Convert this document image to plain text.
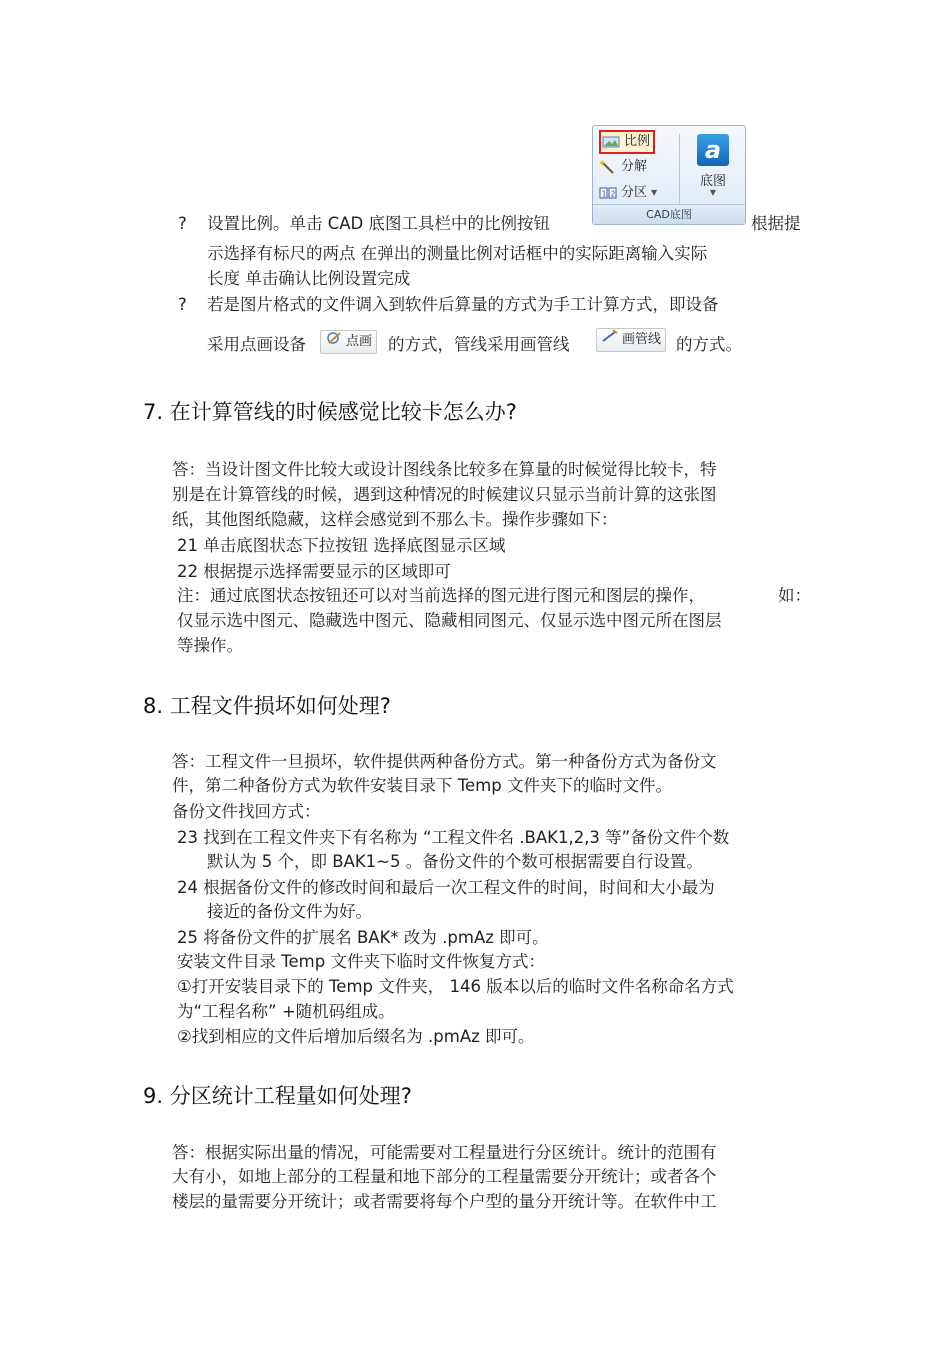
比例
分解
1 2 分区 ▼
a
底图
▼
CAD底图
? 设置比例。单击 CAD 底图工具栏中的比例按钮	根据提
示选择有标尺的两点 在弹出的测量比例对话框中的实际距离输入实际
长度 单击确认比例设置完成
? 若是图片格式的文件调入到软件后算量的方式为手工计算方式，即设备
采用点画设备	点画 的方式，管线采用画管线	画管线 的方式。
7. 在计算管线的时候感觉比较卡怎么办?
答：当设计图文件比较大或设计图线条比较多在算量的时候觉得比较卡，特
别是在计算管线的时候，遇到这种情况的时候建议只显示当前计算的这张图
纸，其他图纸隐藏，这样会感觉到不那么卡。操作步骤如下：
21 单击底图状态下拉按钮 选择底图显示区域
22 根据提示选择需要显示的区域即可
注：通过底图状态按钮还可以对当前选择的图元进行图元和图层的操作，	如：
仅显示选中图元、隐藏选中图元、隐藏相同图元、仅显示选中图元所在图层
等操作。
8. 工程文件损坏如何处理?
答：工程文件一旦损坏，软件提供两种备份方式。第一种备份方式为备份文
件，第二种备份方式为软件安装目录下 Temp 文件夹下的临时文件。
备份文件找回方式：
23 找到在工程文件夹下有名称为 “工程文件名 .BAK1,2,3 等”备份文件个数
默认为 5 个，即 BAK1~5 。备份文件的个数可根据需要自行设置。
24 根据备份文件的修改时间和最后一次工程文件的时间，时间和大小最为
接近的备份文件为好。
25 将备份文件的扩展名 BAK* 改为 .pmAz 即可。
安装文件目录 Temp 文件夹下临时文件恢复方式：
①打开安装目录下的 Temp 文件夹， 146 版本以后的临时文件名称命名方式
为“工程名称” +随机码组成。
②找到相应的文件后增加后缀名为 .pmAz 即可。
9. 分区统计工程量如何处理?
答：根据实际出量的情况，可能需要对工程量进行分区统计。统计的范围有
大有小，如地上部分的工程量和地下部分的工程量需要分开统计；或者各个
楼层的量需要分开统计；或者需要将每个户型的量分开统计等。在软件中工
